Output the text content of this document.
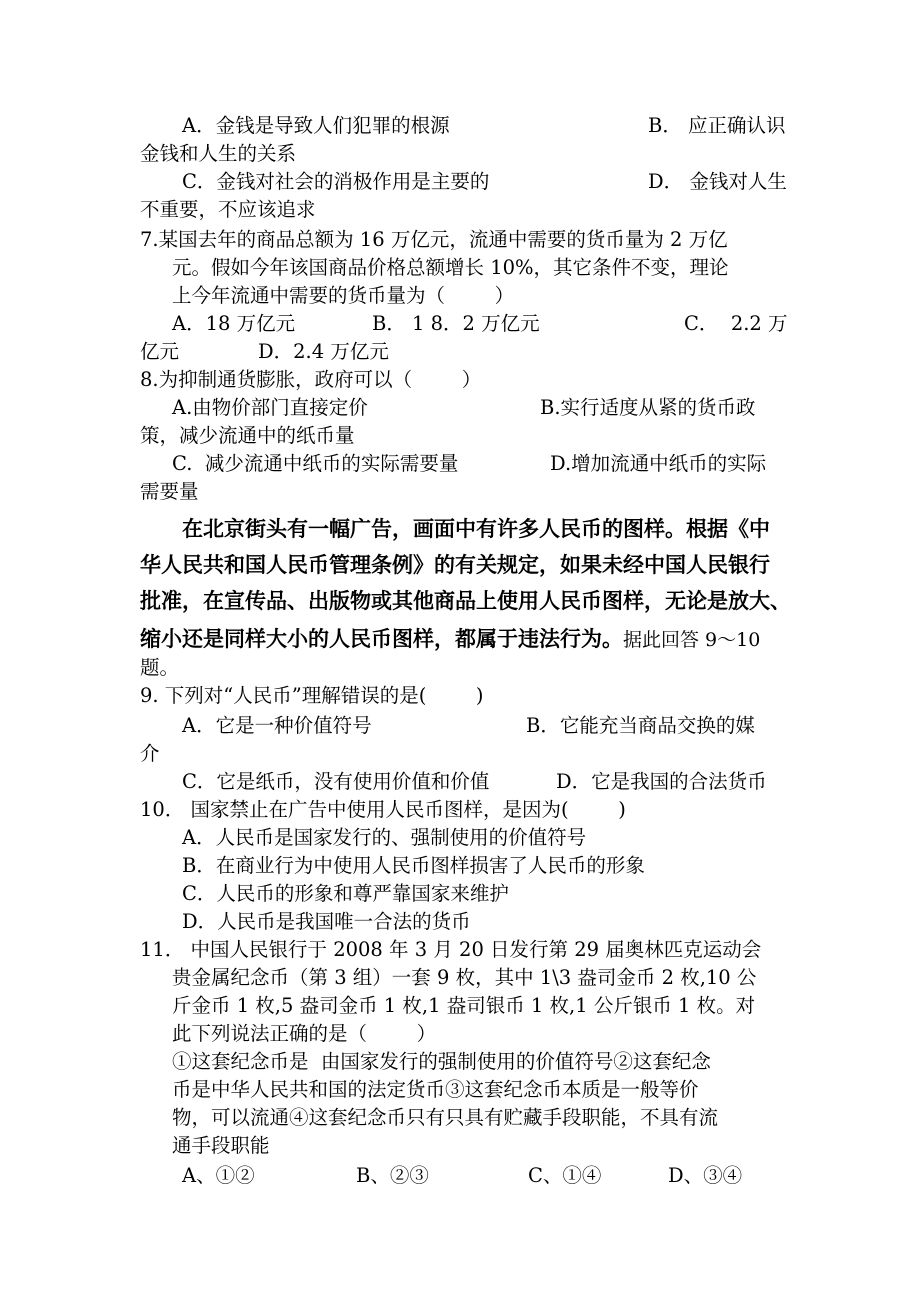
A．金钱是导致人们犯罪的根源	B． 应正确认识
金钱和人生的关系
C．金钱对社会的消极作用是主要的	D． 金钱对人生
不重要，不应该追求
7.某国去年的商品总额为 16 万亿元，流通中需要的货币量为 2 万亿
元。假如今年该国商品价格总额增长 10%，其它条件不变，理论
上今年流通中需要的货币量为（        ）
A．18 万亿元	B． 1 8．2 万亿元	C．  2.2 万
亿元	D．2.4 万亿元
8.为抑制通货膨胀，政府可以（        ）
A.由物价部门直接定价	B.实行适度从紧的货币政
策，减少流通中的纸币量
C.  减少流通中纸币的实际需要量	D.增加流通中纸币的实际
需要量
在北京街头有一幅广告，画面中有许多人民币的图样。根据《中
华人民共和国人民币管理条例》的有关规定，如果未经中国人民银行
批准，在宣传品、出版物或其他商品上使用人民币图样，无论是放大、
缩小还是同样大小的人民币图样，都属于违法行为。据此回答 9～10
题。
9. 下列对“人民币”理解错误的是(        )
A．它是一种价值符号	B．它能充当商品交换的媒
介
C．它是纸币，没有使用价值和价值	D．它是我国的合法货币
10． 国家禁止在广告中使用人民币图样，是因为(        )
A．人民币是国家发行的、强制使用的价值符号
B．在商业行为中使用人民币图样损害了人民币的形象
C．人民币的形象和尊严靠国家来维护
D．人民币是我国唯一合法的货币
11． 中国人民银行于 2008 年 3 月 20 日发行第 29 届奥林匹克运动会
贵金属纪念币（第 3 组）一套 9 枚，其中 1\3 盎司金币 2 枚,10 公
斤金币 1 枚,5 盎司金币 1 枚,1 盎司银币 1 枚,1 公斤银币 1 枚。对
此下列说法正确的是（        ）
①这套纪念币是  由国家发行的强制使用的价值符号②这套纪念
币是中华人民共和国的法定货币③这套纪念币本质是一般等价
物，可以流通④这套纪念币只有只具有贮藏手段职能，不具有流
通手段职能
A、①②	B、②③	C、①④	D、③④
